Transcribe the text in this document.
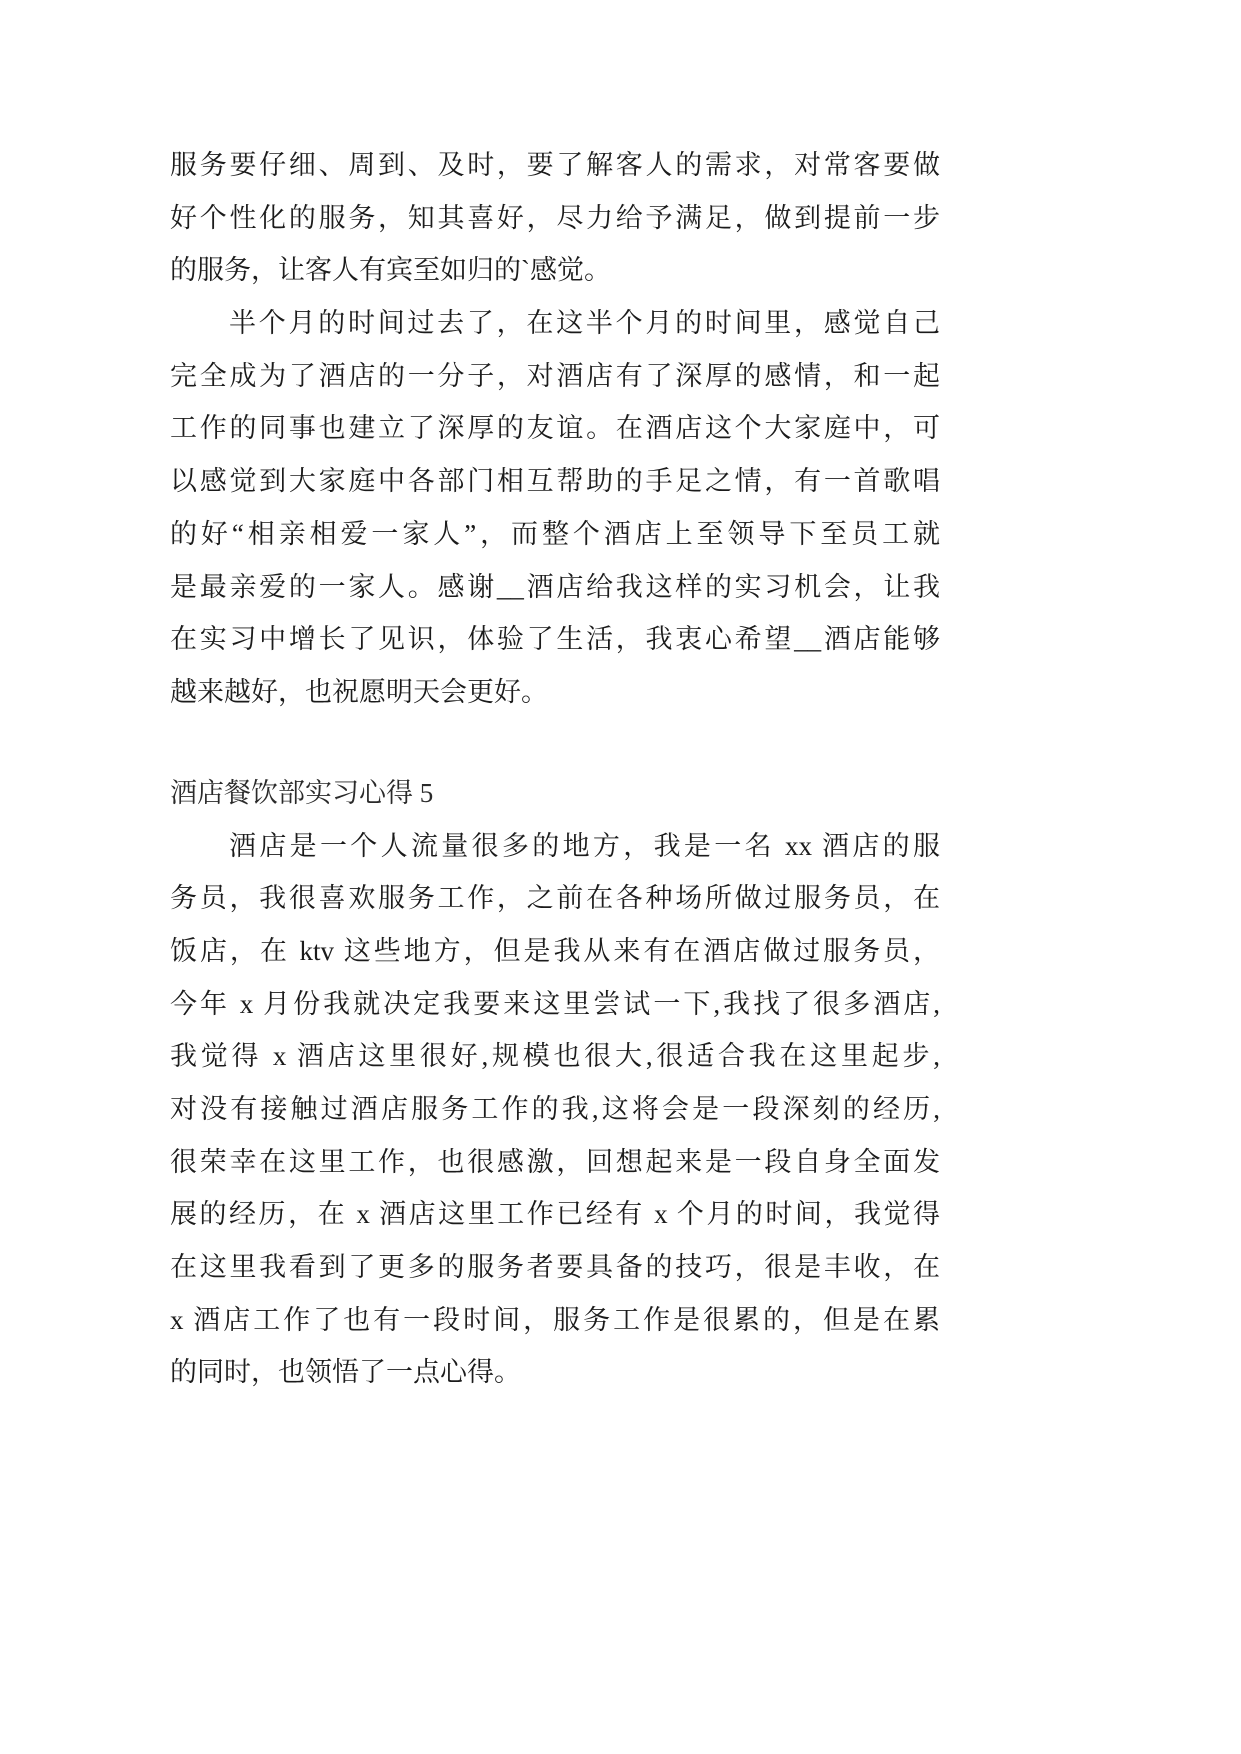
服务要仔细、周到、及时，要了解客人的需求，对常客要做
好个性化的服务，知其喜好，尽力给予满足，做到提前一步
的服务，让客人有宾至如归的`感觉。
半个月的时间过去了，在这半个月的时间里，感觉自己
完全成为了酒店的一分子，对酒店有了深厚的感情，和一起
工作的同事也建立了深厚的友谊。在酒店这个大家庭中，可
以感觉到大家庭中各部门相互帮助的手足之情，有一首歌唱
的好“相亲相爱一家人”，而整个酒店上至领导下至员工就
是最亲爱的一家人。感谢__酒店给我这样的实习机会，让我
在实习中增长了见识，体验了生活，我衷心希望__酒店能够
越来越好，也祝愿明天会更好。
酒店餐饮部实习心得 5
酒店是一个人流量很多的地方，我是一名 xx 酒店的服
务员，我很喜欢服务工作，之前在各种场所做过服务员，在
饭店，在 ktv 这些地方，但是我从来有在酒店做过服务员，
今年 x 月份我就决定我要来这里尝试一下,我找了很多酒店,
我觉得 x 酒店这里很好,规模也很大,很适合我在这里起步,
对没有接触过酒店服务工作的我,这将会是一段深刻的经历,
很荣幸在这里工作，也很感激，回想起来是一段自身全面发
展的经历，在 x 酒店这里工作已经有 x 个月的时间，我觉得
在这里我看到了更多的服务者要具备的技巧，很是丰收，在
x 酒店工作了也有一段时间，服务工作是很累的，但是在累
的同时，也领悟了一点心得。
